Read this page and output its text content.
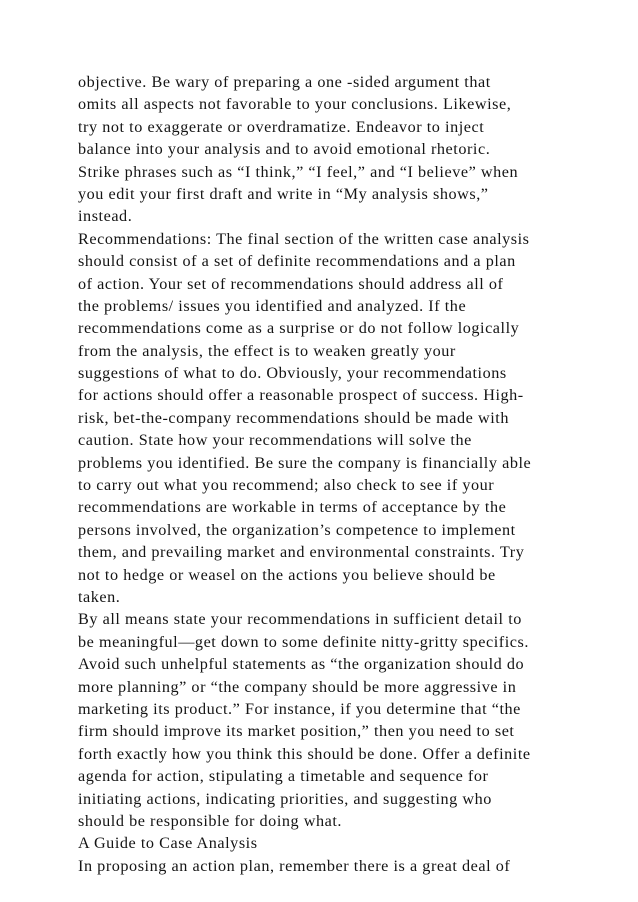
objective. Be wary of preparing a one -sided argument that
omits all aspects not favorable to your conclusions. Likewise,
try not to exaggerate or overdramatize. Endeavor to inject
balance into your analysis and to avoid emotional rhetoric.
Strike phrases such as “I think,” “I feel,” and “I believe” when
you edit your first draft and write in “My analysis shows,”
instead.
Recommendations: The final section of the written case analysis
should consist of a set of definite recommendations and a plan
of action. Your set of recommendations should address all of
the problems/ issues you identified and analyzed. If the
recommendations come as a surprise or do not follow logically
from the analysis, the effect is to weaken greatly your
suggestions of what to do. Obviously, your recommendations
for actions should offer a reasonable prospect of success. High-
risk, bet-the-company recommendations should be made with
caution. State how your recommendations will solve the
problems you identified. Be sure the company is financially able
to carry out what you recommend; also check to see if your
recommendations are workable in terms of acceptance by the
persons involved, the organization’s competence to implement
them, and prevailing market and environmental constraints. Try
not to hedge or weasel on the actions you believe should be
taken.
By all means state your recommendations in sufficient detail to
be meaningful—get down to some definite nitty-gritty specifics.
Avoid such unhelpful statements as “the organization should do
more planning” or “the company should be more aggressive in
marketing its product.” For instance, if you determine that “the
firm should improve its market position,” then you need to set
forth exactly how you think this should be done. Offer a definite
agenda for action, stipulating a timetable and sequence for
initiating actions, indicating priorities, and suggesting who
should be responsible for doing what.
A Guide to Case Analysis
In proposing an action plan, remember there is a great deal of
